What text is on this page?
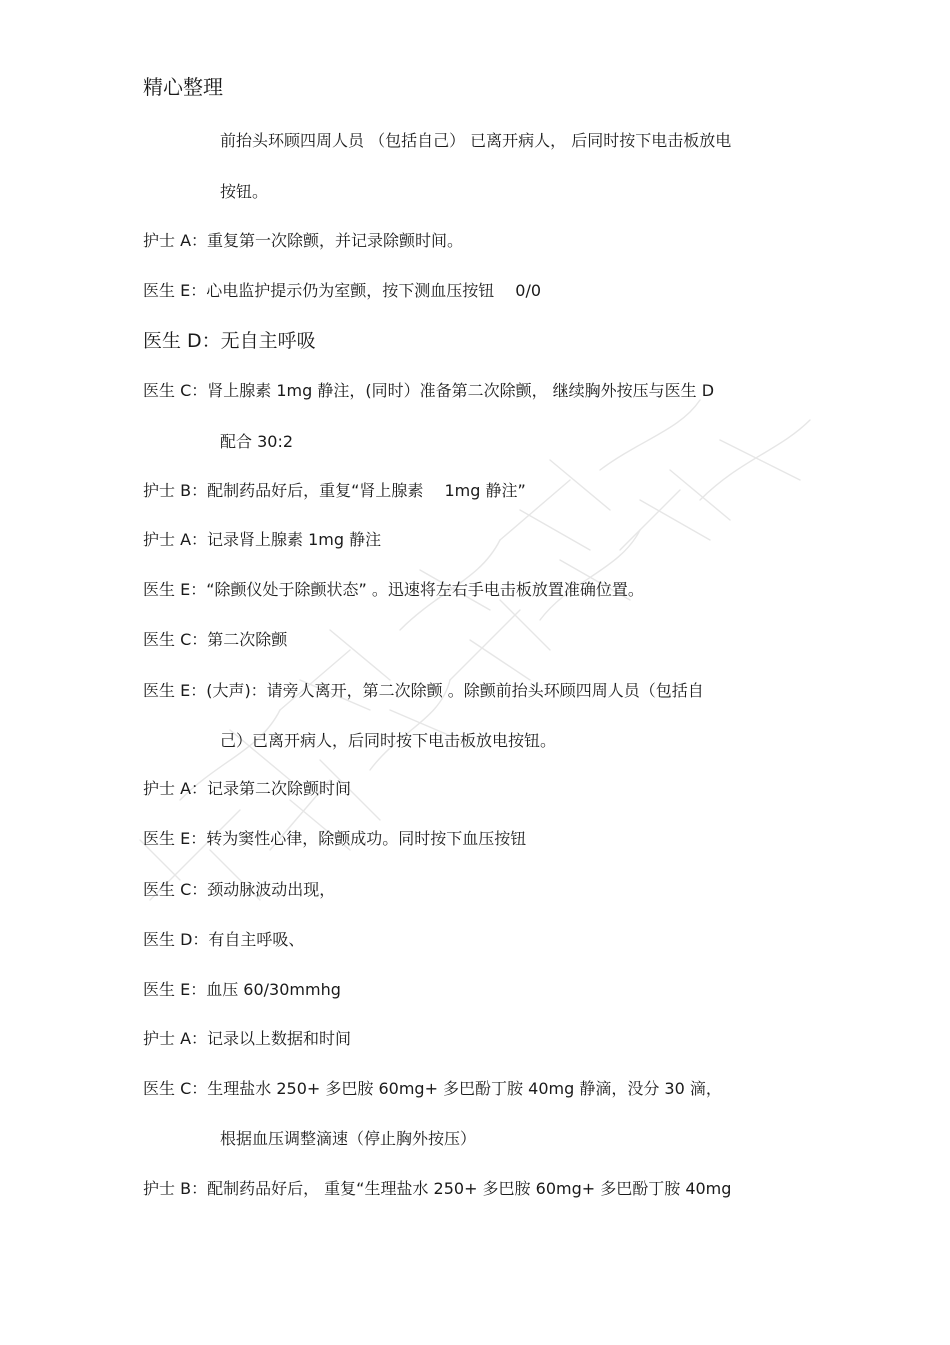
精心整理
前抬头环顾四周人员 （包括自己） 已离开病人， 后同时按下电击板放电
按钮。
护士 A：重复第一次除颤，并记录除颤时间。
医生 E：心电监护提示仍为室颤，按下测血压按钮 　0/0
医生 D：无自主呼吸
医生 C：肾上腺素 1mg 静注，(同时）准备第二次除颤， 继续胸外按压与医生 D
配合 30:2
护士 B：配制药品好后，重复“肾上腺素 　1mg 静注”
护士 A：记录肾上腺素 1mg 静注
医生 E：“除颤仪处于除颤状态” 。迅速将左右手电击板放置准确位置。
医生 C：第二次除颤
医生 E：(大声)：请旁人离开，第二次除颤 。除颤前抬头环顾四周人员（包括自
己）已离开病人，后同时按下电击板放电按钮。
护士 A：记录第二次除颤时间
医生 E：转为窦性心律，除颤成功。同时按下血压按钮
医生 C：颈动脉波动出现，
医生 D：有自主呼吸、
医生 E：血压 60/30mmhg
护士 A：记录以上数据和时间
医生 C：生理盐水 250+ 多巴胺 60mg+ 多巴酚丁胺 40mg 静滴，没分 30 滴，
根据血压调整滴速（停止胸外按压）
护士 B：配制药品好后， 重复“生理盐水 250+ 多巴胺 60mg+ 多巴酚丁胺 40mg
